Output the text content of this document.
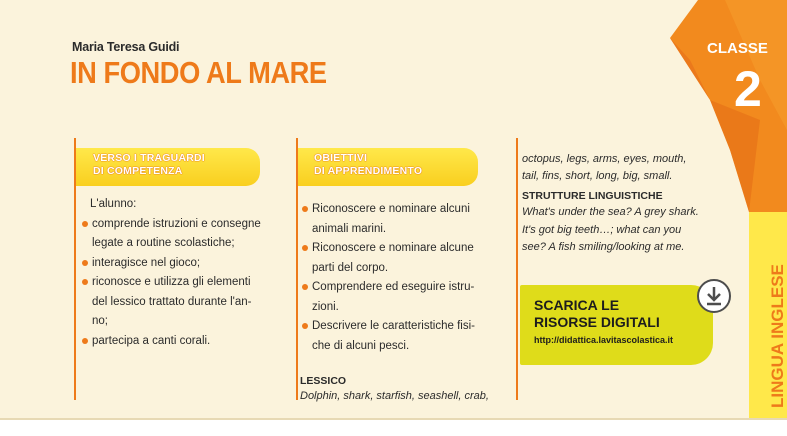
CLASSE
2
LINGUA INGLESE
Maria Teresa Guidi
IN FONDO AL MARE
VERSO I TRAGUARDI
DI COMPETENZA
L'alunno:
comprende istruzioni e consegne
legate a routine scolastiche;
interagisce nel gioco;
riconosce e utilizza gli elementi
del lessico trattato durante l'an-
no;
partecipa a canti corali.
OBIETTIVI
DI APPRENDIMENTO
Riconoscere e nominare alcuni
animali marini.
Riconoscere e nominare alcune
parti del corpo.
Comprendere ed eseguire istru-
zioni.
Descrivere le caratteristiche fisi-
che di alcuni pesci.
LESSICO
Dolphin, shark, starfish, seashell, crab,
octopus, legs, arms, eyes, mouth,
tail, fins, short, long, big, small.
STRUTTURE LINGUISTICHE
What's under the sea? A grey shark.
It's got big teeth…; what can you
see? A fish smiling/looking at me.
SCARICA LE
RISORSE DIGITALI
http://didattica.lavitascolastica.it
